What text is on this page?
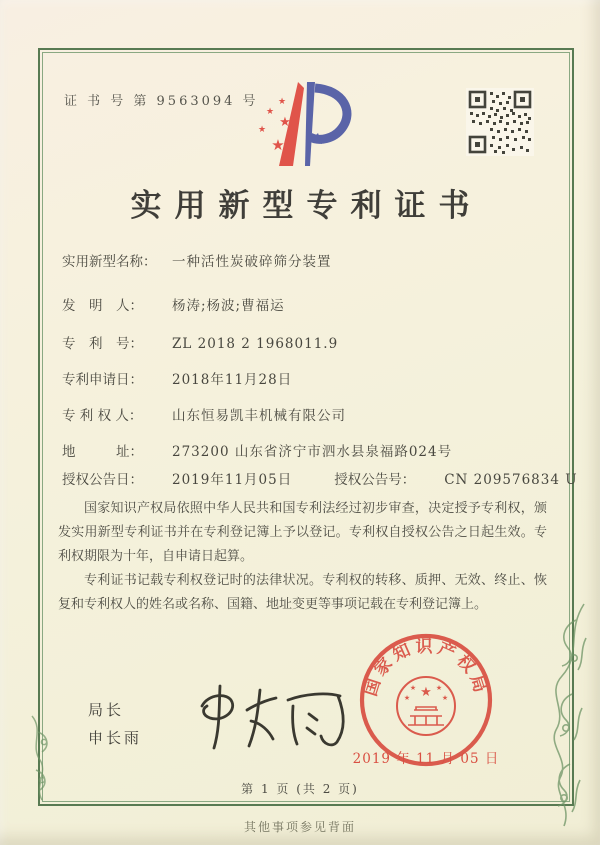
证 书 号 第 9563094 号 ★
★
★
★
★
实用新型专利证书
实用新型名称： 一种活性炭破碎筛分装置
发　明　人： 杨涛;杨波;曹福运
专　利　号： ZL 2018 2 1968011.9
专利申请日： 2018年11月28日
专 利 权 人： 山东恒易凯丰机械有限公司
地　　　址： 273200 山东省济宁市泗水县泉福路024号
授权公告日： 2019年11月05日	授权公告号： CN 209576834 U

国家知识产权局依照中华人民共和国专利法经过初步审查，决定授予专利权，颁发实用新型专利证书并在专利登记簿上予以登记。专利权自授权公告之日起生效。专利权期限为十年，自申请日起算。

专利证书记载专利权登记时的法律状况。专利权的转移、质押、无效、终止、恢复和专利权人的姓名或名称、国籍、地址变更等事项记载在专利登记簿上。

局长
申长雨
国家知识产权局
★
★	★
★	★
2019 年 11 月 05 日
第 1 页 (共 2 页)
其他事项参见背面
